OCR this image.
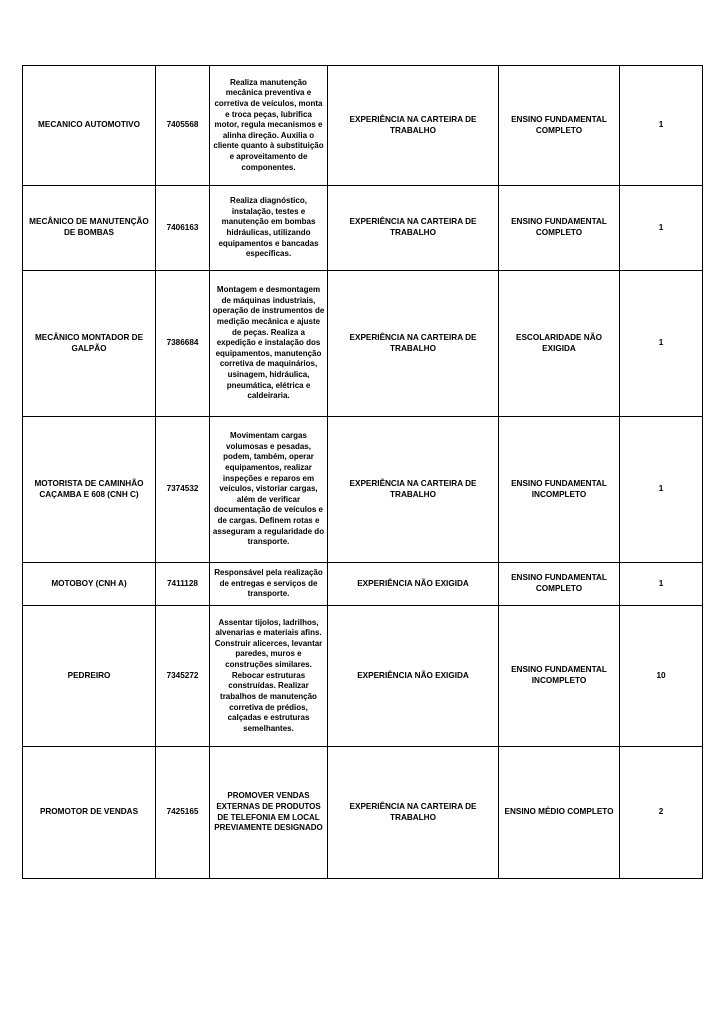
MECANICO AUTOMOTIVO	7405568	Realiza manutenção mecânica preventiva e corretiva de veículos, monta e troca peças, lubrifica motor, regula mecanismos e alinha direção. Auxilia o cliente quanto à substituição e aproveitamento de componentes.	EXPERIÊNCIA NA CARTEIRA DE TRABALHO	ENSINO FUNDAMENTAL COMPLETO	1
MECÂNICO DE MANUTENÇÃO DE BOMBAS	7406163	Realiza diagnóstico, instalação, testes e manutenção em bombas hidráulicas, utilizando equipamentos e bancadas específicas.	EXPERIÊNCIA NA CARTEIRA DE TRABALHO	ENSINO FUNDAMENTAL COMPLETO	1
MECÂNICO MONTADOR DE GALPÃO	7386684	Montagem e desmontagem de máquinas industriais, operação de instrumentos de medição mecânica e ajuste de peças. Realiza a expedição e instalação dos equipamentos, manutenção corretiva de maquinários, usinagem, hidráulica, pneumática, elétrica e caldeiraria.	EXPERIÊNCIA NA CARTEIRA DE TRABALHO	ESCOLARIDADE NÃO EXIGIDA	1
MOTORISTA DE CAMINHÃO CAÇAMBA E 608 (CNH C)	7374532	Movimentam cargas volumosas e pesadas, podem, também, operar equipamentos, realizar inspeções e reparos em veículos, vistoriar cargas, além de verificar documentação de veículos e de cargas. Definem rotas e asseguram a regularidade do transporte.	EXPERIÊNCIA NA CARTEIRA DE TRABALHO	ENSINO FUNDAMENTAL INCOMPLETO	1
MOTOBOY (CNH A)	7411128	Responsável pela realização de entregas e serviços de transporte.	EXPERIÊNCIA NÃO EXIGIDA	ENSINO FUNDAMENTAL COMPLETO	1
PEDREIRO	7345272	Assentar tijolos, ladrilhos, alvenarias e materiais afins. Construir alicerces, levantar paredes, muros e construções similares. Rebocar estruturas construídas. Realizar trabalhos de manutenção corretiva de prédios, calçadas e estruturas semelhantes.	EXPERIÊNCIA NÃO EXIGIDA	ENSINO FUNDAMENTAL INCOMPLETO	10
PROMOTOR DE VENDAS	7425165	PROMOVER VENDAS EXTERNAS DE PRODUTOS DE TELEFONIA EM LOCAL PREVIAMENTE DESIGNADO	EXPERIÊNCIA NA CARTEIRA DE TRABALHO	ENSINO MÉDIO COMPLETO	2
